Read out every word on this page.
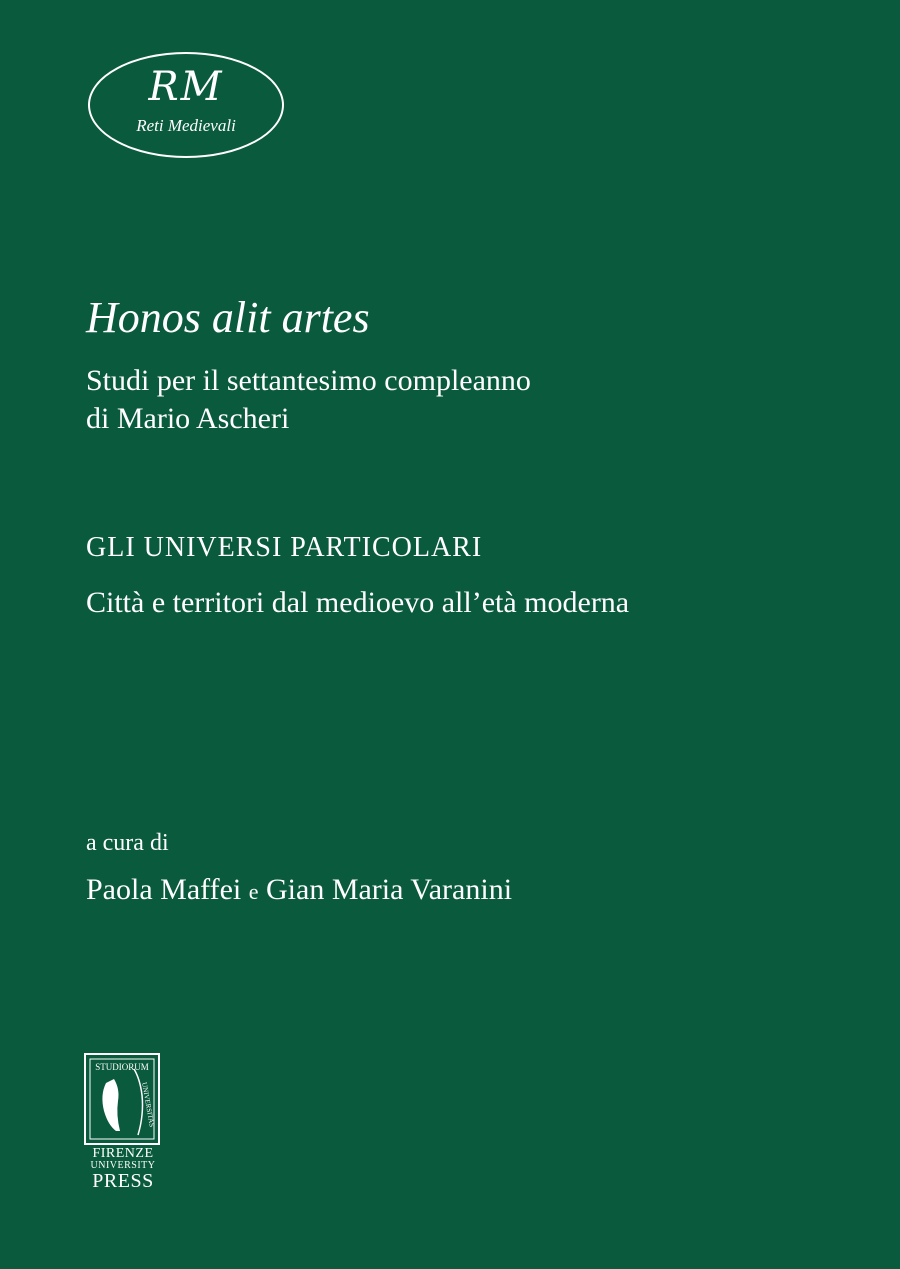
RM
Reti Medievali
Honos alit artes
Studi per il settantesimo compleanno
di Mario Ascheri
GLI UNIVERSI PARTICOLARI
Città e territori dal medioevo all’età moderna
a cura di
Paola Maffei e Gian Maria Varanini
STUDIORUM
UNIVERSITAS
FIRENZE
UNIVERSITY
PRESS
